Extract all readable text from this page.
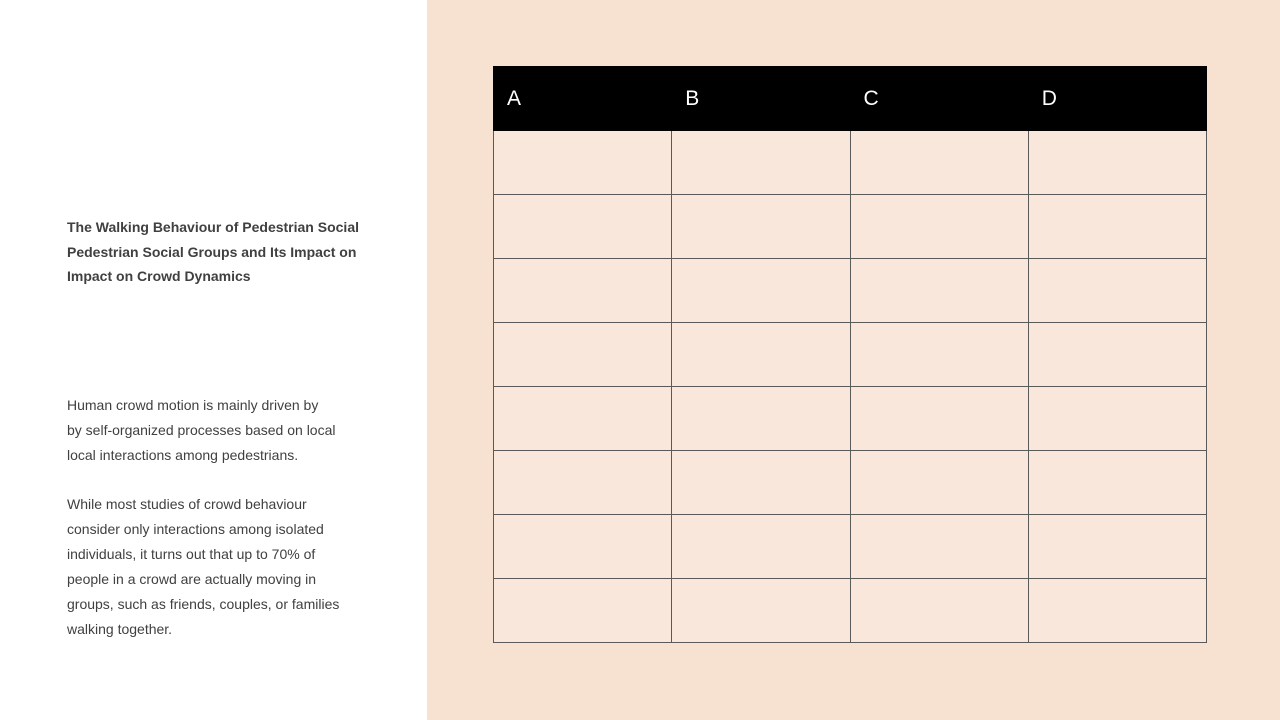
The Walking Behaviour of Pedestrian Social
Pedestrian Social Groups and Its Impact on
Impact on Crowd Dynamics

Human crowd motion is mainly driven by
by self-organized processes based on local
local interactions among pedestrians.

While most studies of crowd behaviour
consider only interactions among isolated
individuals, it turns out that up to 70% of
people in a crowd are actually moving in
groups, such as friends, couples, or families
walking together.

A	B	C	D
